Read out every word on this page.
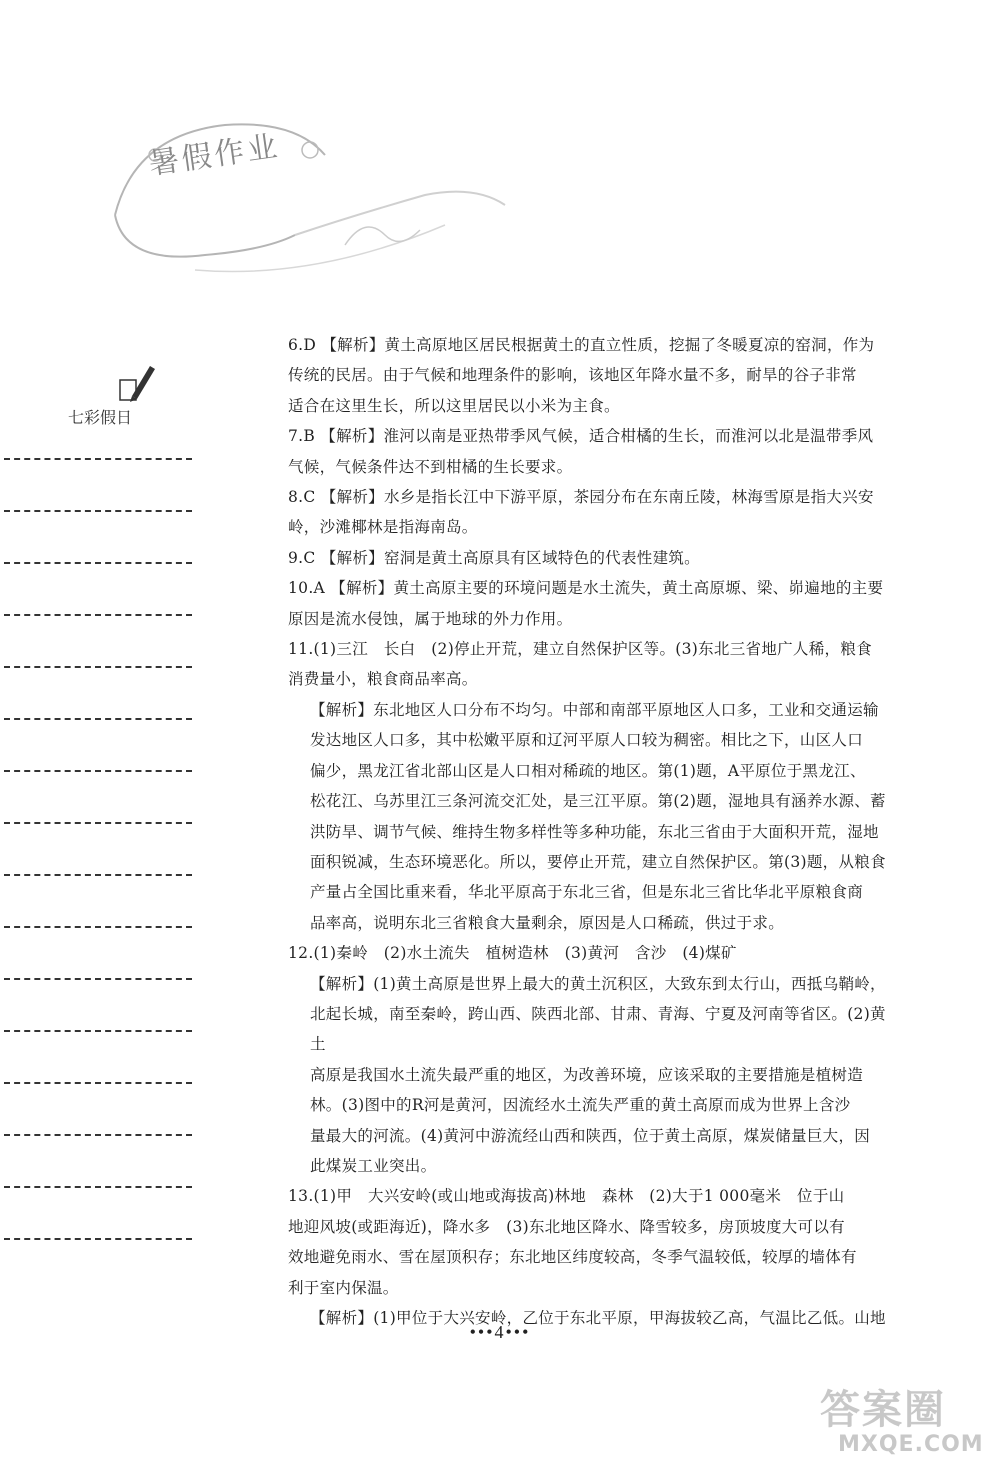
暑假作业
七彩假日
6.D 【解析】黄土高原地区居民根据黄土的直立性质，挖掘了冬暖夏凉的窑洞，作为
传统的民居。由于气候和地理条件的影响，该地区年降水量不多，耐旱的谷子非常
适合在这里生长，所以这里居民以小米为主食。
7.B 【解析】淮河以南是亚热带季风气候，适合柑橘的生长，而淮河以北是温带季风
气候，气候条件达不到柑橘的生长要求。
8.C 【解析】水乡是指长江中下游平原，茶园分布在东南丘陵，林海雪原是指大兴安
岭，沙滩椰林是指海南岛。
9.C 【解析】窑洞是黄土高原具有区域特色的代表性建筑。
10.A 【解析】黄土高原主要的环境问题是水土流失，黄土高原塬、梁、峁遍地的主要
原因是流水侵蚀，属于地球的外力作用。
11.(1)三江　长白　(2)停止开荒，建立自然保护区等。(3)东北三省地广人稀，粮食
消费量小，粮食商品率高。
【解析】东北地区人口分布不均匀。中部和南部平原地区人口多，工业和交通运输
发达地区人口多，其中松嫩平原和辽河平原人口较为稠密。相比之下，山区人口
偏少，黑龙江省北部山区是人口相对稀疏的地区。第(1)题，A平原位于黑龙江、
松花江、乌苏里江三条河流交汇处，是三江平原。第(2)题，湿地具有涵养水源、蓄
洪防旱、调节气候、维持生物多样性等多种功能，东北三省由于大面积开荒，湿地
面积锐减，生态环境恶化。所以，要停止开荒，建立自然保护区。第(3)题，从粮食
产量占全国比重来看，华北平原高于东北三省，但是东北三省比华北平原粮食商
品率高，说明东北三省粮食大量剩余，原因是人口稀疏，供过于求。
12.(1)秦岭　(2)水土流失　植树造林　(3)黄河　含沙　(4)煤矿
【解析】(1)黄土高原是世界上最大的黄土沉积区，大致东到太行山，西抵乌鞘岭，
北起长城，南至秦岭，跨山西、陕西北部、甘肃、青海、宁夏及河南等省区。(2)黄土
高原是我国水土流失最严重的地区，为改善环境，应该采取的主要措施是植树造
林。(3)图中的R河是黄河，因流经水土流失严重的黄土高原而成为世界上含沙
量最大的河流。(4)黄河中游流经山西和陕西，位于黄土高原，煤炭储量巨大，因
此煤炭工业突出。
13.(1)甲　大兴安岭(或山地或海拔高)林地　森林　(2)大于1 000毫米　位于山
地迎风坡(或距海近)，降水多　(3)东北地区降水、降雪较多，房顶坡度大可以有
效地避免雨水、雪在屋顶积存；东北地区纬度较高，冬季气温较低，较厚的墙体有
利于室内保温。
【解析】(1)甲位于大兴安岭，乙位于东北平原，甲海拔较乙高，气温比乙低。山地
•••4•••
答案圈
MXQE.COM
